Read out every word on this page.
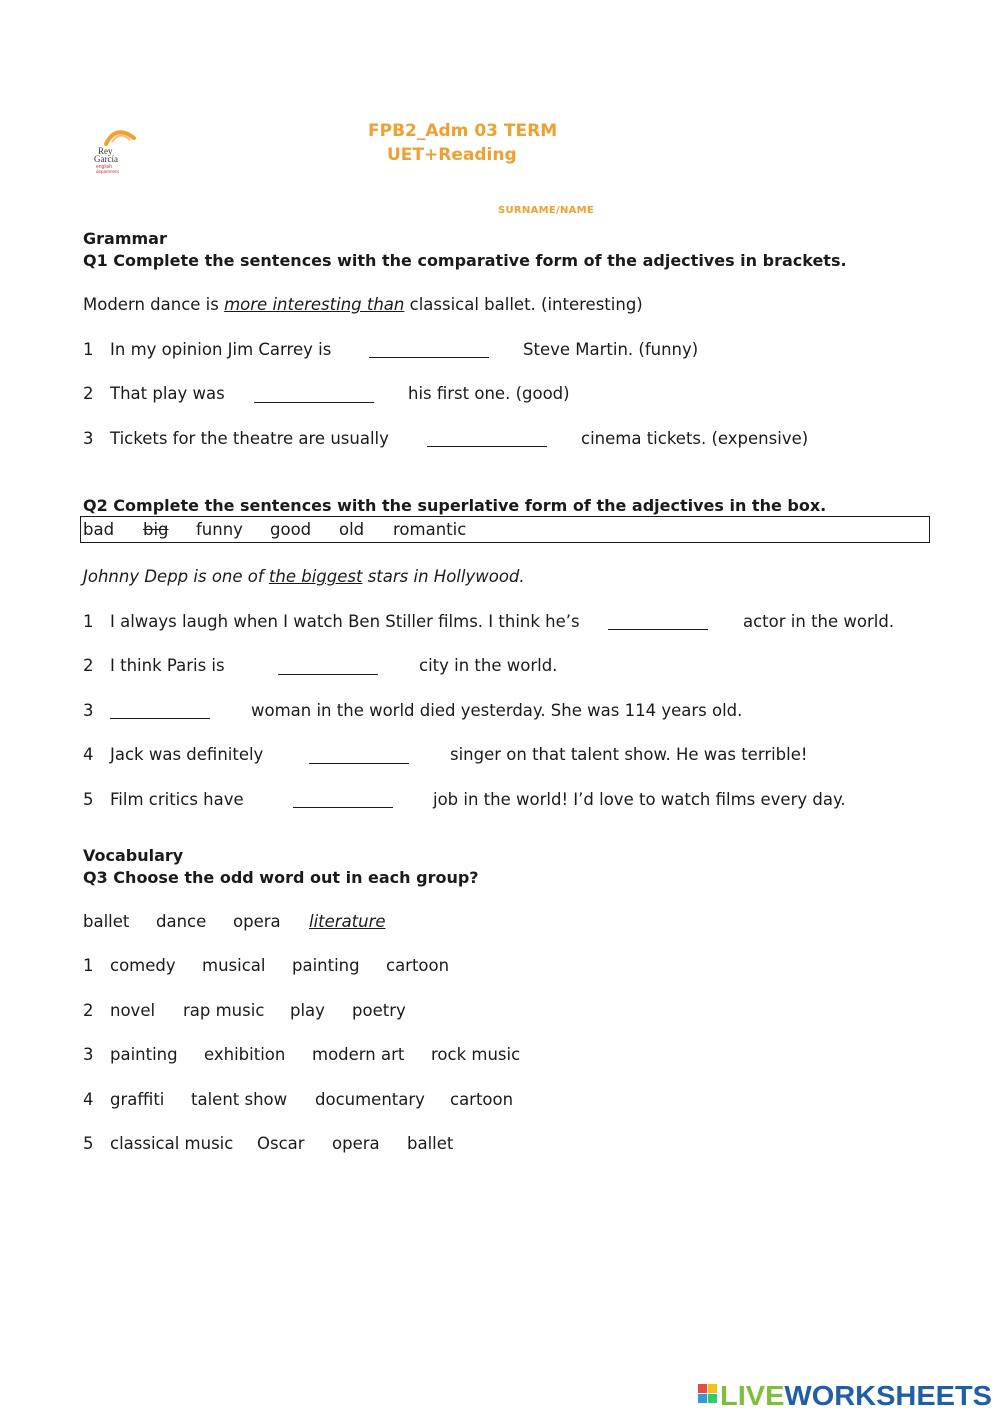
Rey
García
english
department
FPB2_Adm 03 TERM
UET+Reading
SURNAME/NAME
Grammar
Q1 Complete the sentences with the comparative form of the adjectives in brackets.
Modern dance is more interesting than classical ballet. (interesting)
1 In my opinion Jim Carrey is	Steve Martin. (funny)
2 That play was	his first one. (good)
3 Tickets for the theatre are usually	cinema tickets. (expensive)
Q2 Complete the sentences with the superlative form of the adjectives in the box.
bad big funny good old romantic
Johnny Depp is one of the biggest stars in Hollywood.
1 I always laugh when I watch Ben Stiller films. I think he’s	actor in the world.
2 I think Paris is	city in the world.
3	woman in the world died yesterday. She was 114 years old.
4 Jack was definitely	singer on that talent show. He was terrible!
5 Film critics have	job in the world! I’d love to watch films every day.
Vocabulary
Q3 Choose the odd word out in each group?
ballet dance opera literature
1 comedy musical painting cartoon
2 novel rap music play poetry
3 painting exhibition modern art rock music
4 graffiti talent show documentary cartoon
5 classical music Oscar opera ballet
LW LIVEWORKSHEETS
